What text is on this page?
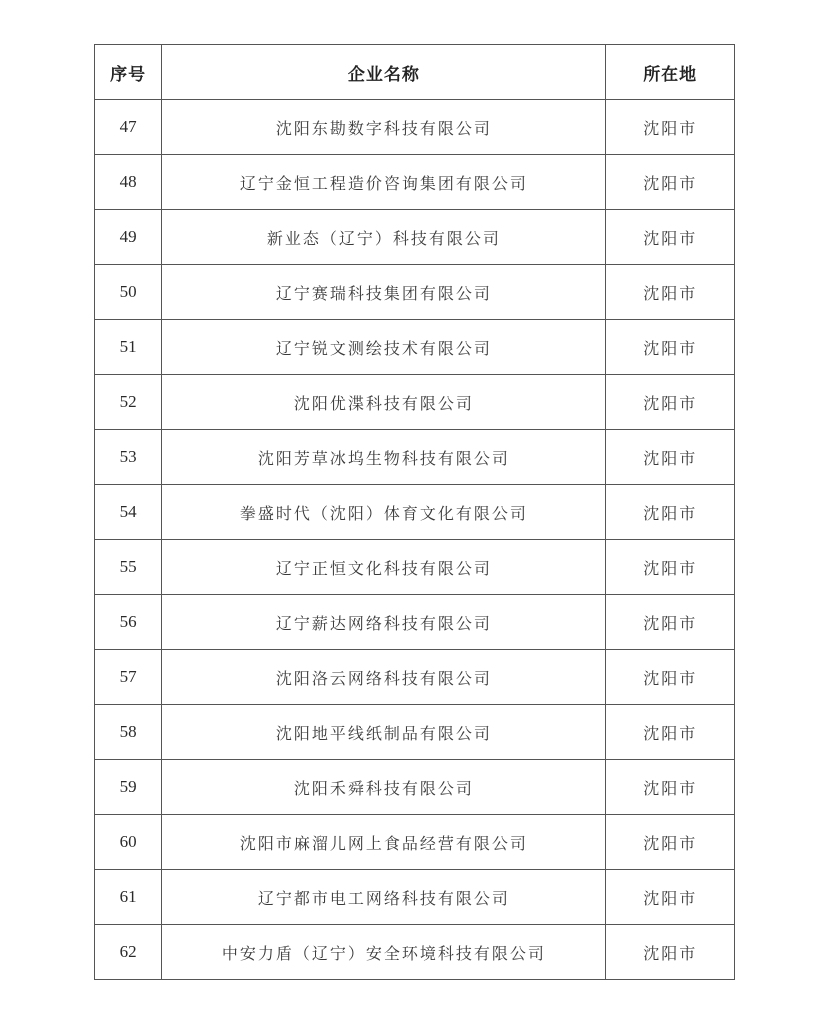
序号	企业名称	所在地
47	沈阳东勘数字科技有限公司	沈阳市
48	辽宁金恒工程造价咨询集团有限公司	沈阳市
49	新业态（辽宁）科技有限公司	沈阳市
50	辽宁赛瑞科技集团有限公司	沈阳市
51	辽宁锐文测绘技术有限公司	沈阳市
52	沈阳优渫科技有限公司	沈阳市
53	沈阳芳草冰坞生物科技有限公司	沈阳市
54	拳盛时代（沈阳）体育文化有限公司	沈阳市
55	辽宁正恒文化科技有限公司	沈阳市
56	辽宁薪达网络科技有限公司	沈阳市
57	沈阳洛云网络科技有限公司	沈阳市
58	沈阳地平线纸制品有限公司	沈阳市
59	沈阳禾舜科技有限公司	沈阳市
60	沈阳市麻溜儿网上食品经营有限公司	沈阳市
61	辽宁都市电工网络科技有限公司	沈阳市
62	中安力盾（辽宁）安全环境科技有限公司	沈阳市
